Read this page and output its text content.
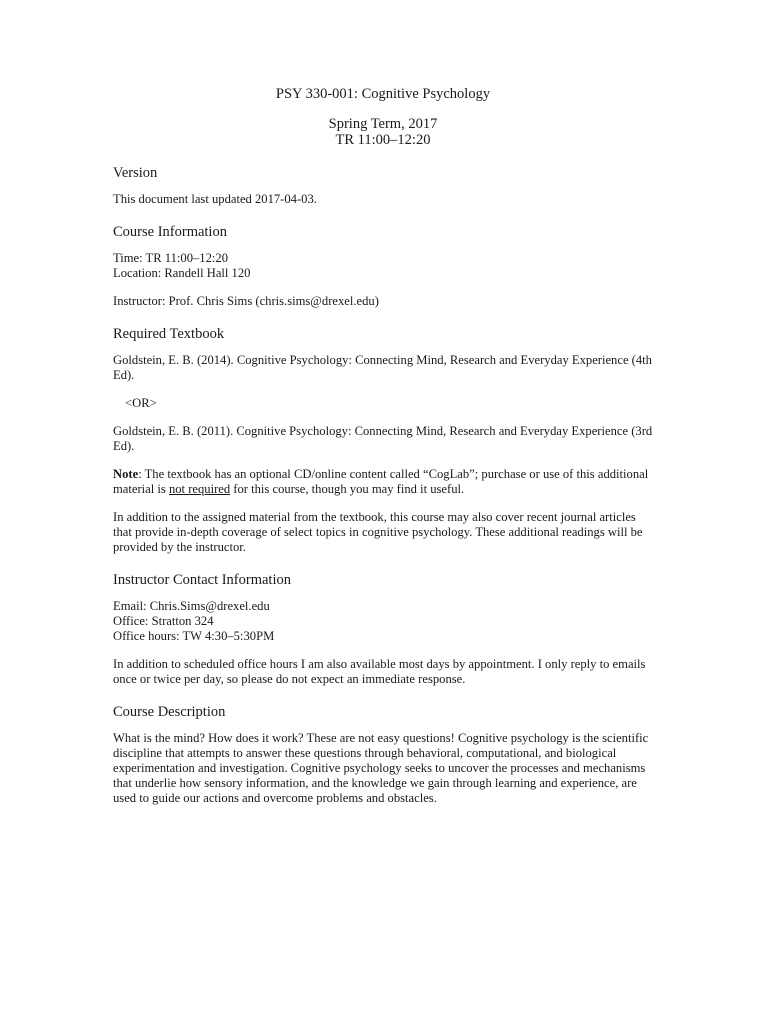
PSY 330-001: Cognitive Psychology
Spring Term, 2017
TR 11:00–12:20
Version

This document last updated 2017-04-03.

Course Information

Time: TR 11:00–12:20

Location: Randell Hall 120

Instructor: Prof. Chris Sims (chris.sims@drexel.edu)

Required Textbook

Goldstein, E. B. (2014). Cognitive Psychology: Connecting Mind, Research and Everyday Experience (4th Ed).

<OR>

Goldstein, E. B. (2011). Cognitive Psychology: Connecting Mind, Research and Everyday Experience (3rd Ed).

Note: The textbook has an optional CD/online content called “CogLab”; purchase or use of this additional material is not required for this course, though you may find it useful.

In addition to the assigned material from the textbook, this course may also cover recent journal articles that provide in-depth coverage of select topics in cognitive psychology. These additional readings will be provided by the instructor.

Instructor Contact Information

Email: Chris.Sims@drexel.edu

Office: Stratton 324

Office hours: TW 4:30–5:30PM

In addition to scheduled office hours I am also available most days by appointment. I only reply to emails once or twice per day, so please do not expect an immediate response.

Course Description

What is the mind? How does it work? These are not easy questions! Cognitive psychology is the scientific discipline that attempts to answer these questions through behavioral, computational, and biological experimentation and investigation. Cognitive psychology seeks to uncover the processes and mechanisms that underlie how sensory information, and the knowledge we gain through learning and experience, are used to guide our actions and overcome problems and obstacles.
